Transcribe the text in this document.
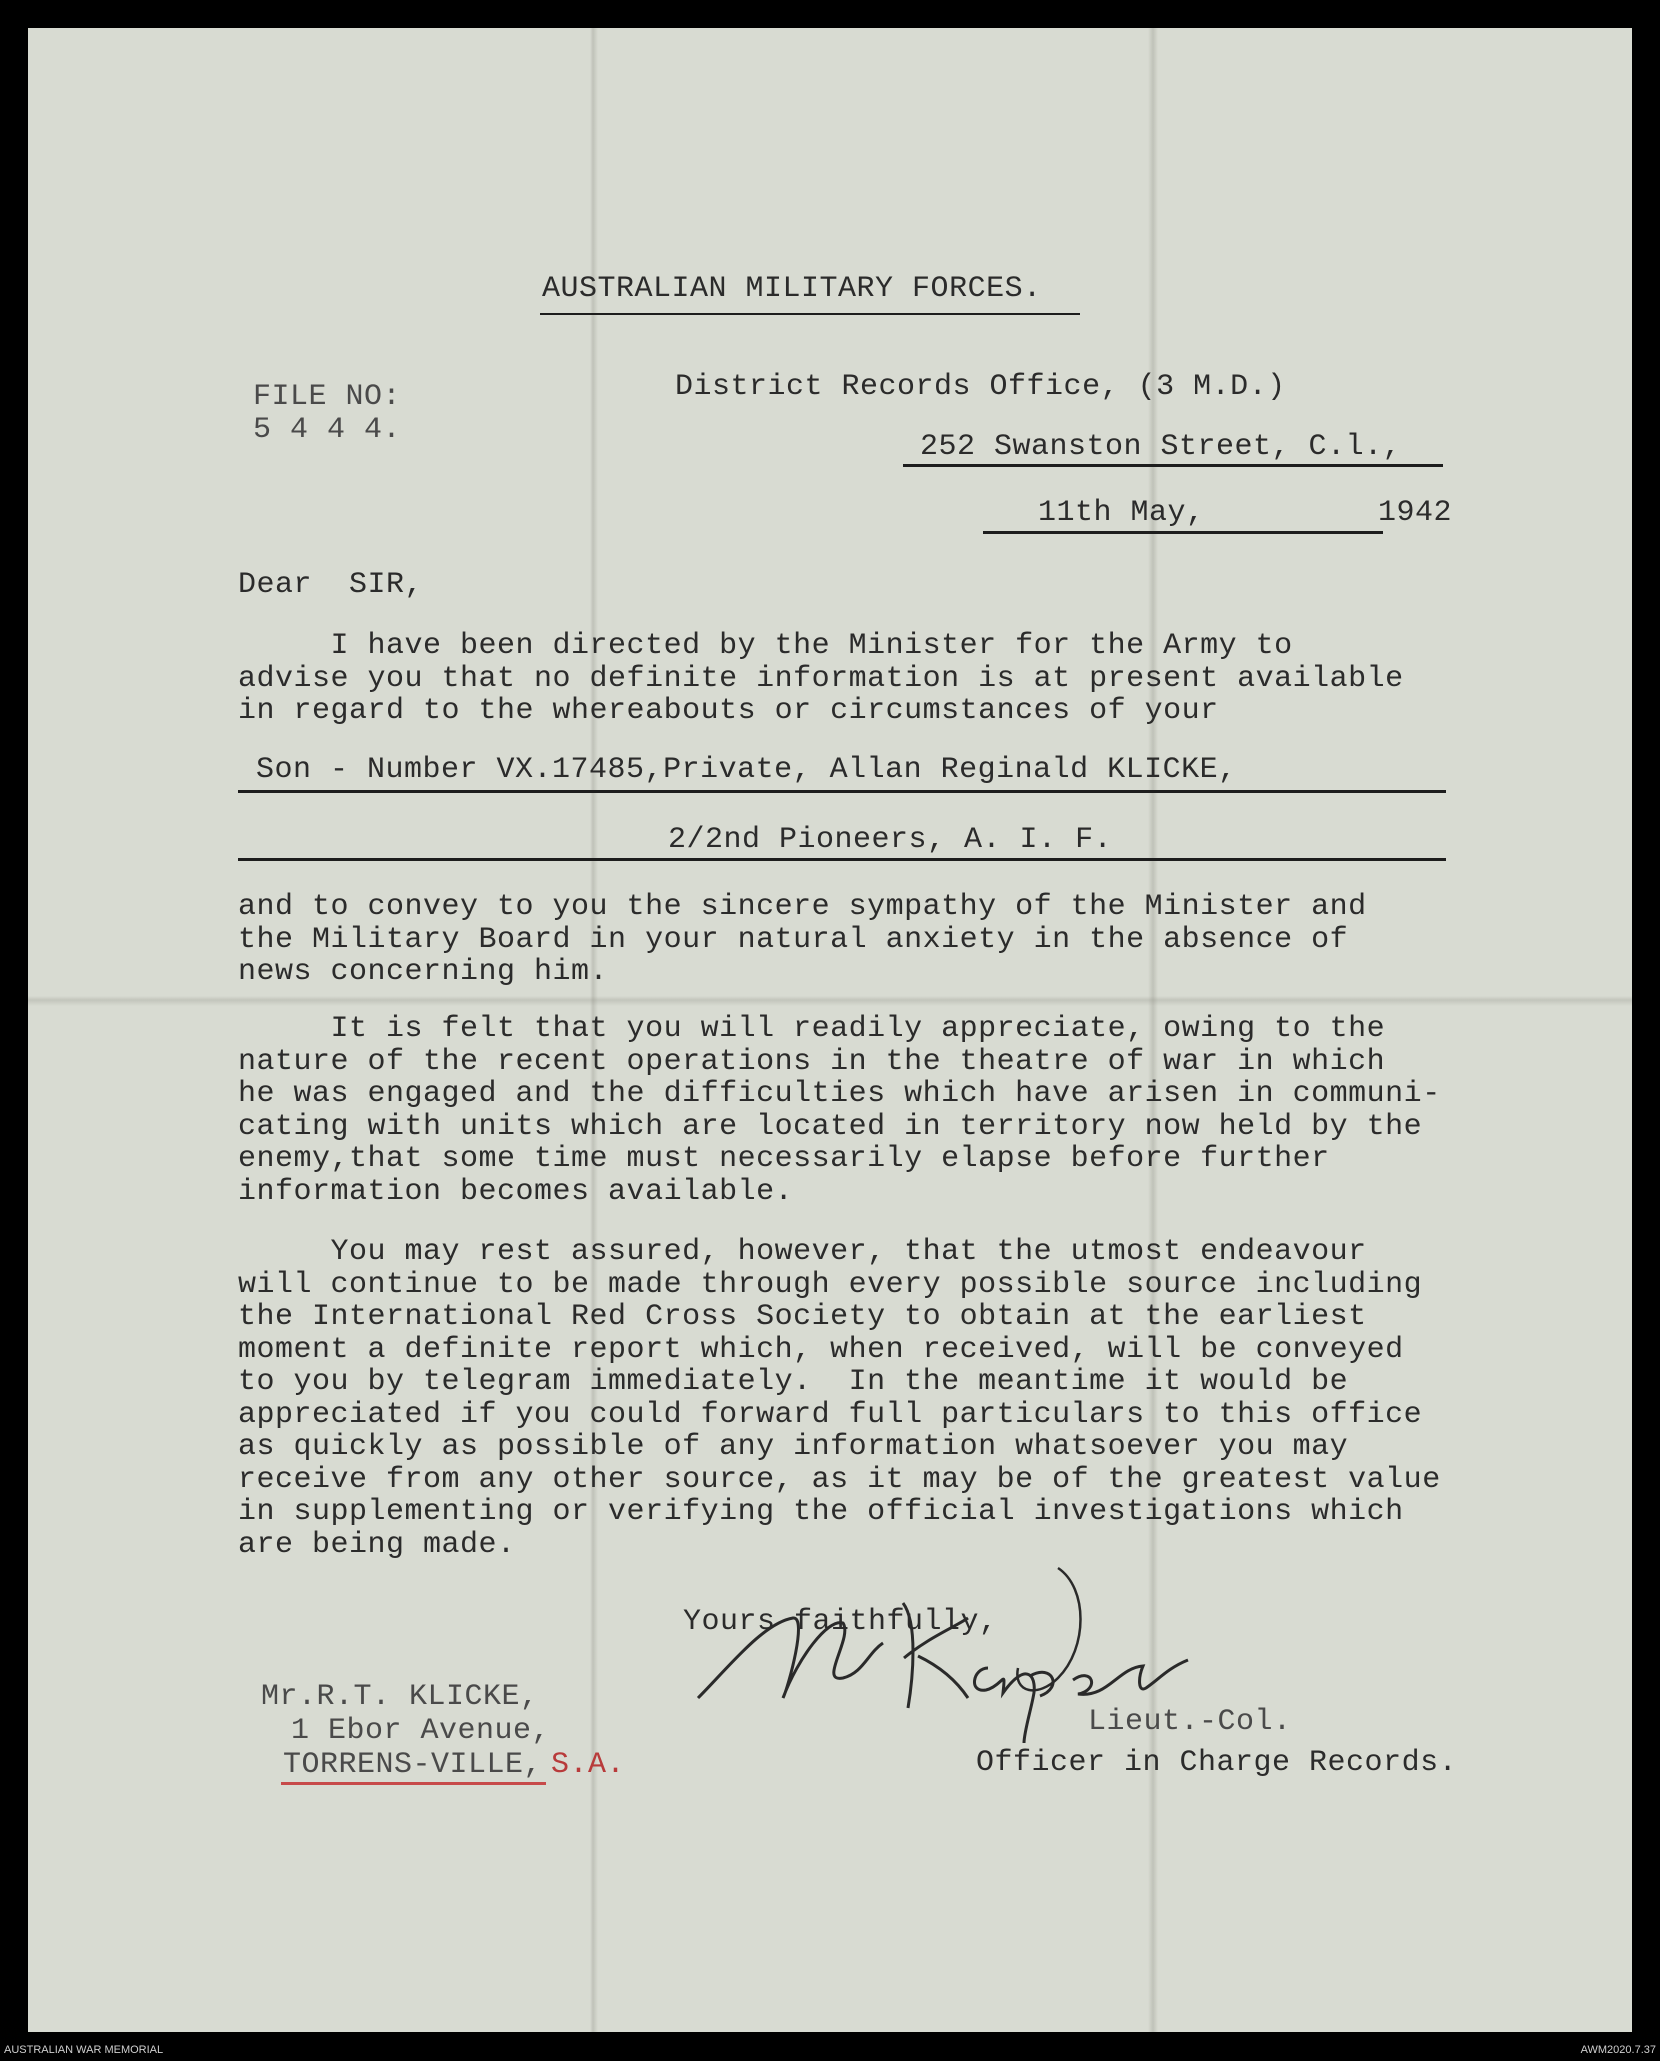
AUSTRALIAN MILITARY FORCES.
FILE NO:
5 4 4 4.
District Records Office, (3 M.D.)
252 Swanston Street, C.l.,
11th May,	1942
Dear  SIR,
I have been directed by the Minister for the Army to
advise you that no definite information is at present available
in regard to the whereabouts or circumstances of your
Son - Number VX.17485,Private, Allan Reginald KLICKE,
2/2nd Pioneers, A. I. F.
and to convey to you the sincere sympathy of the Minister and
the Military Board in your natural anxiety in the absence of
news concerning him.
It is felt that you will readily appreciate, owing to the
nature of the recent operations in the theatre of war in which
he was engaged and the difficulties which have arisen in communi-
cating with units which are located in territory now held by the
enemy,that some time must necessarily elapse before further
information becomes available.
You may rest assured, however, that the utmost endeavour
will continue to be made through every possible source including
the International Red Cross Society to obtain at the earliest
moment a definite report which, when received, will be conveyed
to you by telegram immediately.  In the meantime it would be
appreciated if you could forward full particulars to this office
as quickly as possible of any information whatsoever you may
receive from any other source, as it may be of the greatest value
in supplementing or verifying the official investigations which
are being made.
Yours faithfully,
Lieut.-Col.
Officer in Charge Records.
Mr.R.T. KLICKE,
1 Ebor Avenue,
TORRENS-VILLE, S.A.
AUSTRALIAN WAR MEMORIAL	AWM2020.7.37
